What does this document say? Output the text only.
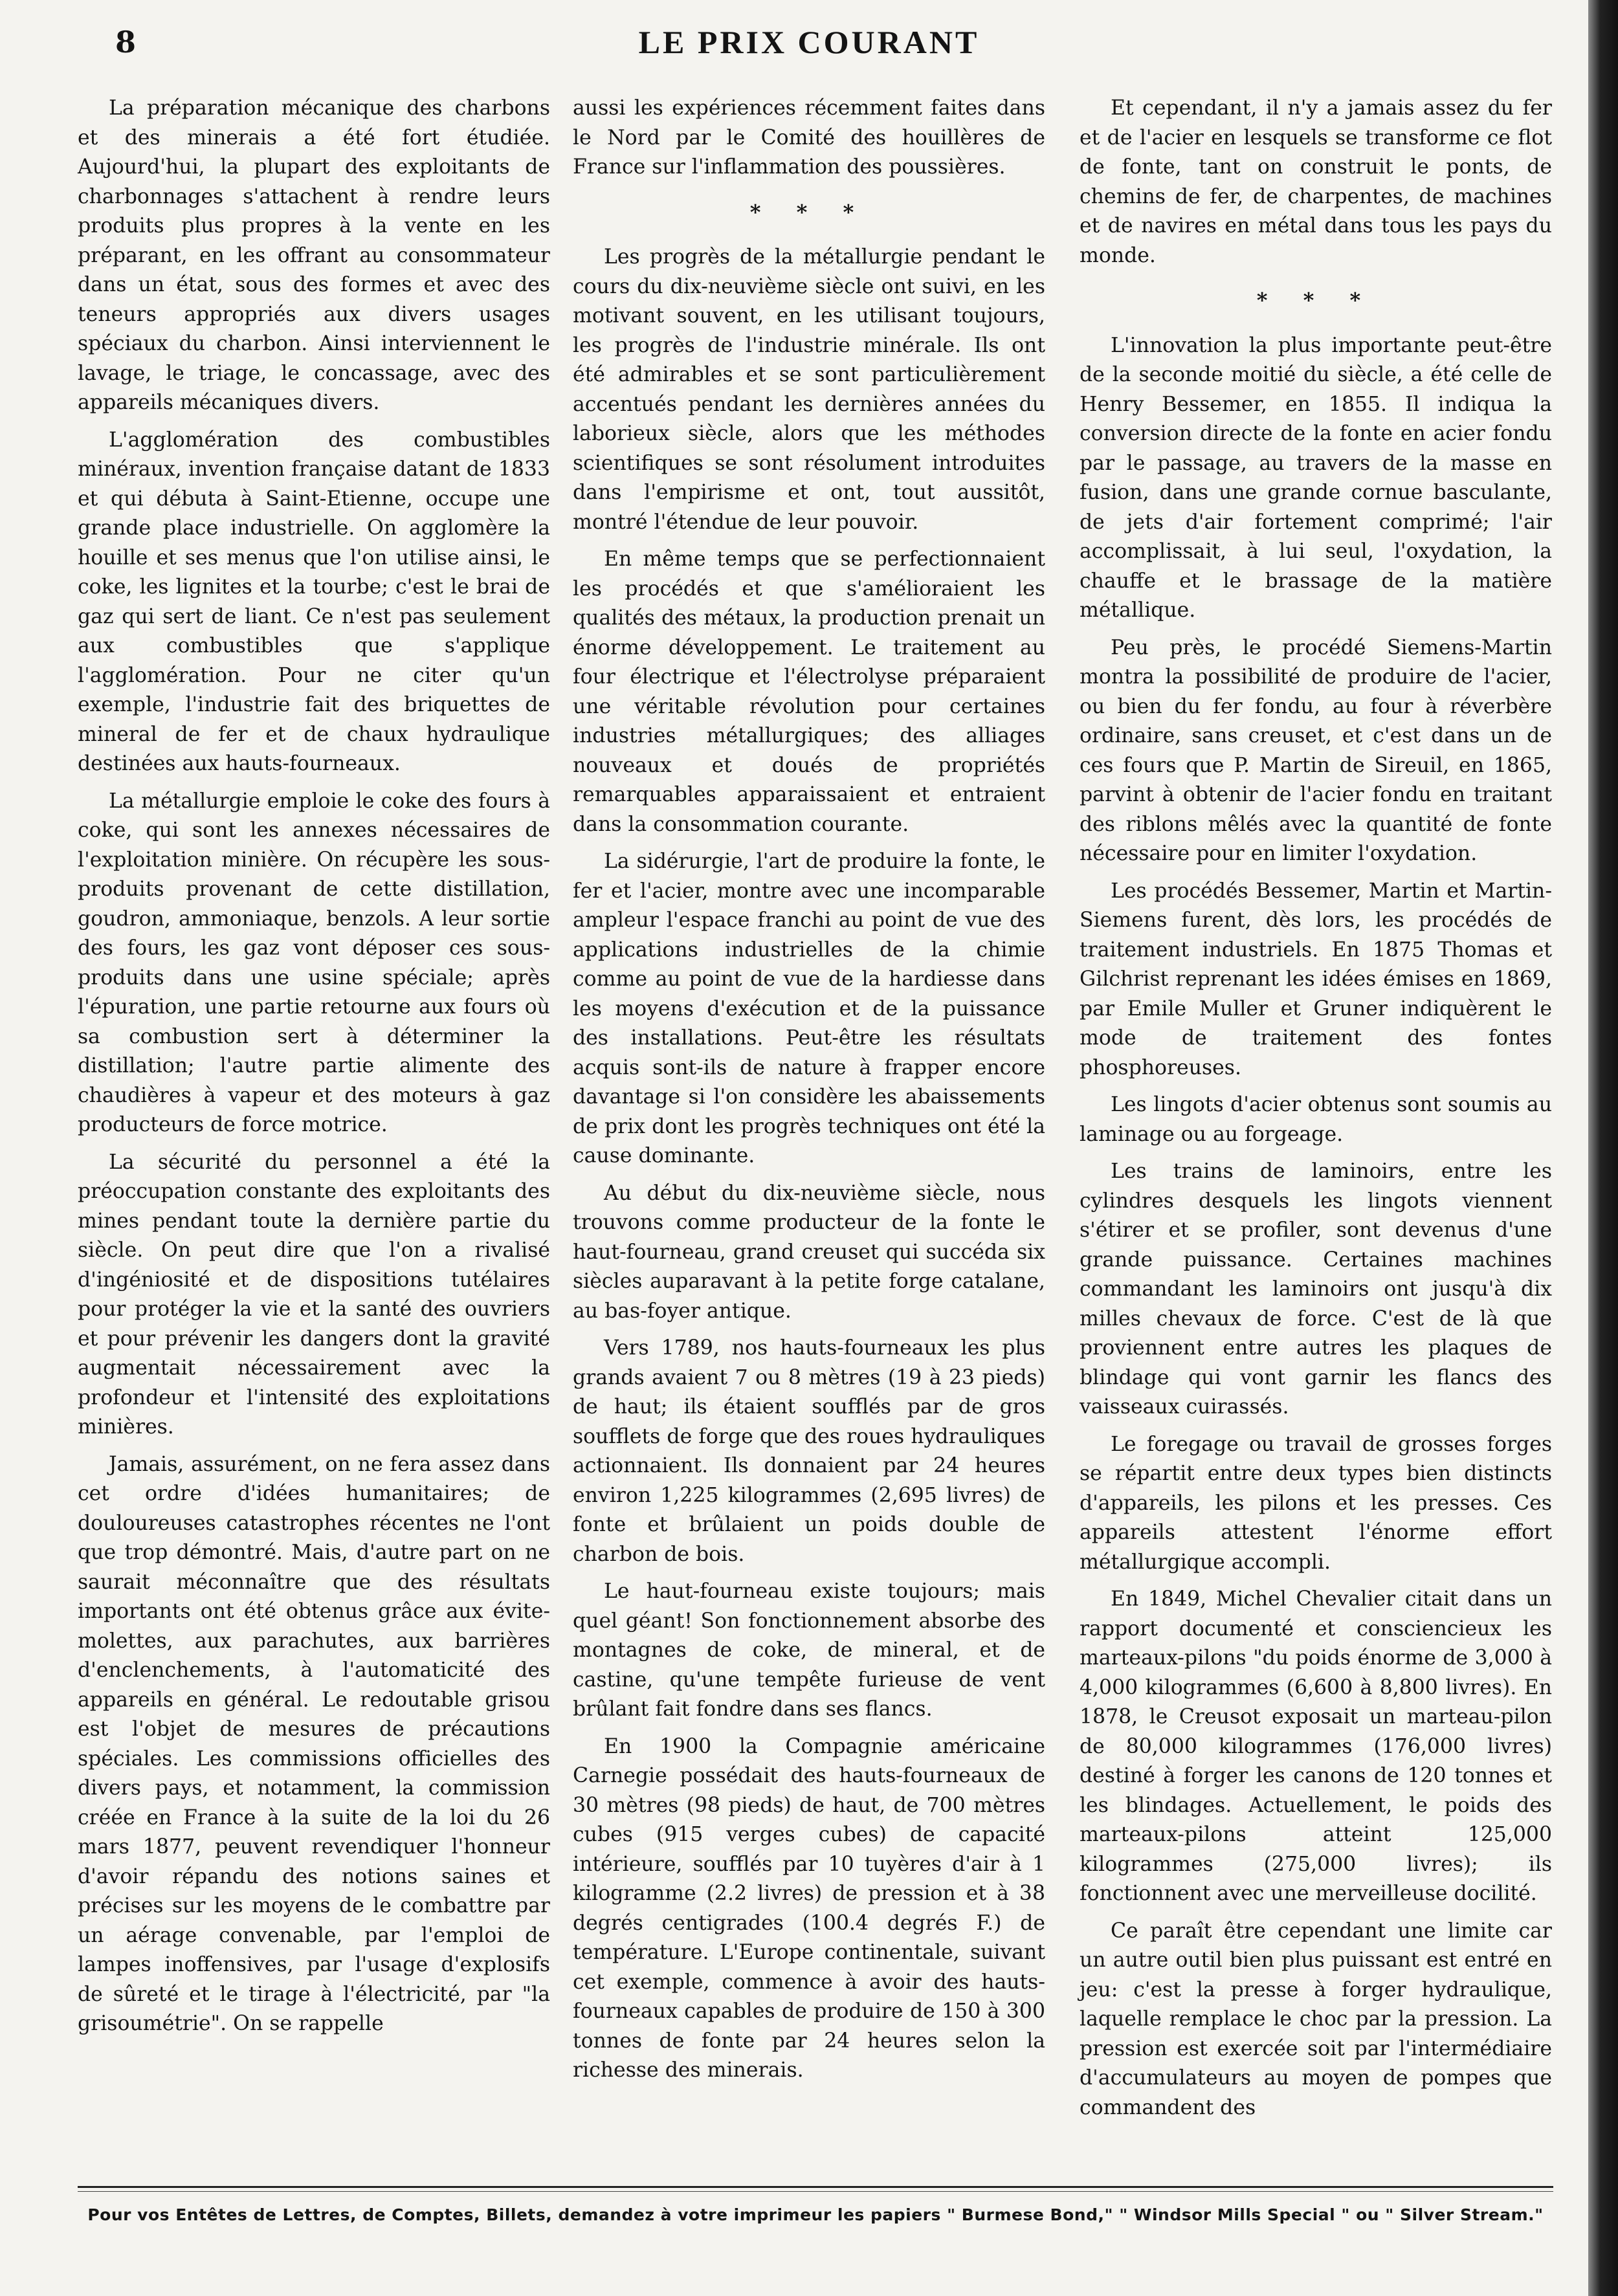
8	LE PRIX COURANT

La préparation mécanique des charbons et des minerais a été fort étudiée. Aujourd'hui, la plupart des exploitants de charbonnages s'attachent à rendre leurs produits plus propres à la vente en les préparant, en les offrant au consommateur dans un état, sous des formes et avec des teneurs appropriés aux divers usages spéciaux du charbon. Ainsi interviennent le lavage, le triage, le concassage, avec des appareils mécaniques divers.

L'agglomération des combustibles minéraux, invention française datant de 1833 et qui débuta à Saint-Etienne, occupe une grande place industrielle. On agglomère la houille et ses menus que l'on utilise ainsi, le coke, les lignites et la tourbe; c'est le brai de gaz qui sert de liant. Ce n'est pas seulement aux combustibles que s'applique l'agglomération. Pour ne citer qu'un exemple, l'industrie fait des briquettes de mineral de fer et de chaux hydraulique destinées aux hauts-fourneaux.

La métallurgie emploie le coke des fours à coke, qui sont les annexes nécessaires de l'exploitation minière. On récupère les sous-produits provenant de cette distillation, goudron, ammoniaque, benzols. A leur sortie des fours, les gaz vont déposer ces sous-produits dans une usine spéciale; après l'épuration, une partie retourne aux fours où sa combustion sert à déterminer la distillation; l'autre partie alimente des chaudières à vapeur et des moteurs à gaz producteurs de force motrice.

La sécurité du personnel a été la préoccupation constante des exploitants des mines pendant toute la dernière partie du siècle. On peut dire que l'on a rivalisé d'ingéniosité et de dispositions tutélaires pour protéger la vie et la santé des ouvriers et pour prévenir les dangers dont la gravité augmentait nécessairement avec la profondeur et l'intensité des exploitations minières.

Jamais, assurément, on ne fera assez dans cet ordre d'idées humanitaires; de douloureuses catastrophes récentes ne l'ont que trop démontré. Mais, d'autre part on ne saurait méconnaître que des résultats importants ont été obtenus grâce aux évite-molettes, aux parachutes, aux barrières d'enclenchements, à l'automaticité des appareils en général. Le redoutable grisou est l'objet de mesures de précautions spéciales. Les commissions officielles des divers pays, et notamment, la commission créée en France à la suite de la loi du 26 mars 1877, peuvent revendiquer l'honneur d'avoir répandu des notions saines et précises sur les moyens de le combattre par un aérage convenable, par l'emploi de lampes inoffensives, par l'usage d'explosifs de sûreté et le tirage à l'électricité, par "la grisoumétrie". On se rappelle

aussi les expériences récemment faites dans le Nord par le Comité des houillères de France sur l'inflammation des poussières.

* * *

Les progrès de la métallurgie pendant le cours du dix-neuvième siècle ont suivi, en les motivant souvent, en les utilisant toujours, les progrès de l'industrie minérale. Ils ont été admirables et se sont particulièrement accentués pendant les dernières années du laborieux siècle, alors que les méthodes scientifiques se sont résolument introduites dans l'empirisme et ont, tout aussitôt, montré l'étendue de leur pouvoir.

En même temps que se perfectionnaient les procédés et que s'amélioraient les qualités des métaux, la production prenait un énorme développement. Le traitement au four électrique et l'électrolyse préparaient une véritable révolution pour certaines industries métallurgiques; des alliages nouveaux et doués de propriétés remarquables apparaissaient et entraient dans la consommation courante.

La sidérurgie, l'art de produire la fonte, le fer et l'acier, montre avec une incomparable ampleur l'espace franchi au point de vue des applications industrielles de la chimie comme au point de vue de la hardiesse dans les moyens d'exécution et de la puissance des installations. Peut-être les résultats acquis sont-ils de nature à frapper encore davantage si l'on considère les abaissements de prix dont les progrès techniques ont été la cause dominante.

Au début du dix-neuvième siècle, nous trouvons comme producteur de la fonte le haut-fourneau, grand creuset qui succéda six siècles auparavant à la petite forge catalane, au bas-foyer antique.

Vers 1789, nos hauts-fourneaux les plus grands avaient 7 ou 8 mètres (19 à 23 pieds) de haut; ils étaient soufflés par de gros soufflets de forge que des roues hydrauliques actionnaient. Ils donnaient par 24 heures environ 1,225 kilogrammes (2,695 livres) de fonte et brûlaient un poids double de charbon de bois.

Le haut-fourneau existe toujours; mais quel géant! Son fonctionnement absorbe des montagnes de coke, de mineral, et de castine, qu'une tempête furieuse de vent brûlant fait fondre dans ses flancs.

En 1900 la Compagnie américaine Carnegie possédait des hauts-fourneaux de 30 mètres (98 pieds) de haut, de 700 mètres cubes (915 verges cubes) de capacité intérieure, soufflés par 10 tuyères d'air à 1 kilogramme (2.2 livres) de pression et à 38 degrés centigrades (100.4 degrés F.) de température. L'Europe continentale, suivant cet exemple, commence à avoir des hauts-fourneaux capables de produire de 150 à 300 tonnes de fonte par 24 heures selon la richesse des minerais.

Et cependant, il n'y a jamais assez du fer et de l'acier en lesquels se transforme ce flot de fonte, tant on construit le ponts, de chemins de fer, de charpentes, de machines et de navires en métal dans tous les pays du monde.

* * *

L'innovation la plus importante peut-être de la seconde moitié du siècle, a été celle de Henry Bessemer, en 1855. Il indiqua la conversion directe de la fonte en acier fondu par le passage, au travers de la masse en fusion, dans une grande cornue basculante, de jets d'air fortement comprimé; l'air accomplissait, à lui seul, l'oxydation, la chauffe et le brassage de la matière métallique.

Peu près, le procédé Siemens-Martin montra la possibilité de produire de l'acier, ou bien du fer fondu, au four à réverbère ordinaire, sans creuset, et c'est dans un de ces fours que P. Martin de Sireuil, en 1865, parvint à obtenir de l'acier fondu en traitant des riblons mêlés avec la quantité de fonte nécessaire pour en limiter l'oxydation.

Les procédés Bessemer, Martin et Martin-Siemens furent, dès lors, les procédés de traitement industriels. En 1875 Thomas et Gilchrist reprenant les idées émises en 1869, par Emile Muller et Gruner indiquèrent le mode de traitement des fontes phosphoreuses.

Les lingots d'acier obtenus sont soumis au laminage ou au forgeage.

Les trains de laminoirs, entre les cylindres desquels les lingots viennent s'étirer et se profiler, sont devenus d'une grande puissance. Certaines machines commandant les laminoirs ont jusqu'à dix milles chevaux de force. C'est de là que proviennent entre autres les plaques de blindage qui vont garnir les flancs des vaisseaux cuirassés.

Le foregage ou travail de grosses forges se répartit entre deux types bien distincts d'appareils, les pilons et les presses. Ces appareils attestent l'énorme effort métallurgique accompli.

En 1849, Michel Chevalier citait dans un rapport documenté et consciencieux les marteaux-pilons "du poids énorme de 3,000 à 4,000 kilogrammes (6,600 à 8,800 livres). En 1878, le Creusot exposait un marteau-pilon de 80,000 kilogrammes (176,000 livres) destiné à forger les canons de 120 tonnes et les blindages. Actuellement, le poids des marteaux-pilons atteint 125,000 kilogrammes (275,000 livres); ils fonctionnent avec une merveilleuse docilité.

Ce paraît être cependant une limite car un autre outil bien plus puissant est entré en jeu: c'est la presse à forger hydraulique, laquelle remplace le choc par la pression. La pression est exercée soit par l'intermédiaire d'accumulateurs au moyen de pompes que commandent des

Pour vos Entêtes de Lettres, de Comptes, Billets, demandez à votre imprimeur les papiers " Burmese Bond," " Windsor Mills Special " ou " Silver Stream."
